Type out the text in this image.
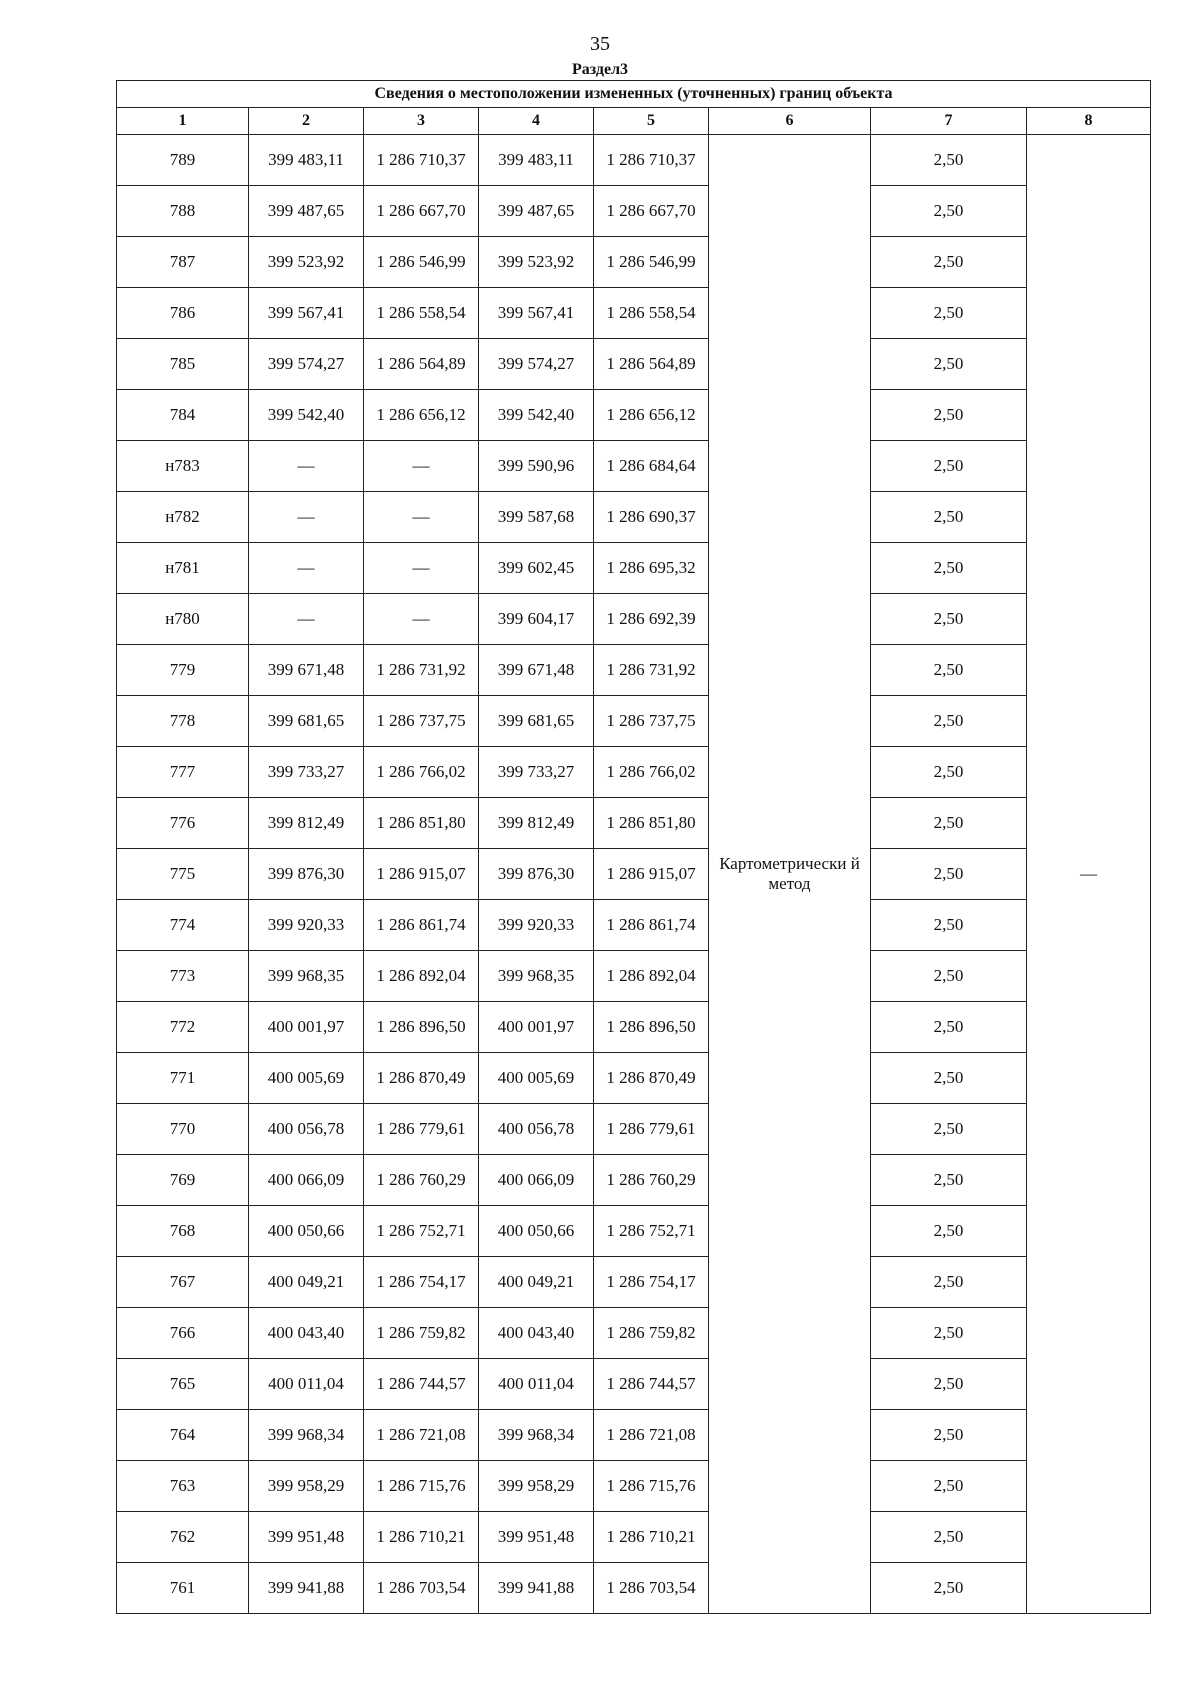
35
Раздел3
Сведения о местоположении измененных (уточненных) границ объекта							
1	2	3	4	5	6	7	8
789	399 483,11	1 286 710,37	399 483,11	1 286 710,37	Картометрически й метод	2,50	—
788	399 487,65	1 286 667,70	399 487,65	1 286 667,70		2,50	
787	399 523,92	1 286 546,99	399 523,92	1 286 546,99		2,50	
786	399 567,41	1 286 558,54	399 567,41	1 286 558,54		2,50	
785	399 574,27	1 286 564,89	399 574,27	1 286 564,89		2,50	
784	399 542,40	1 286 656,12	399 542,40	1 286 656,12		2,50	
н783	—	—	399 590,96	1 286 684,64		2,50	
н782	—	—	399 587,68	1 286 690,37		2,50	
н781	—	—	399 602,45	1 286 695,32		2,50	
н780	—	—	399 604,17	1 286 692,39		2,50	
779	399 671,48	1 286 731,92	399 671,48	1 286 731,92		2,50	
778	399 681,65	1 286 737,75	399 681,65	1 286 737,75		2,50	
777	399 733,27	1 286 766,02	399 733,27	1 286 766,02		2,50	
776	399 812,49	1 286 851,80	399 812,49	1 286 851,80		2,50	
775	399 876,30	1 286 915,07	399 876,30	1 286 915,07		2,50	
774	399 920,33	1 286 861,74	399 920,33	1 286 861,74		2,50	
773	399 968,35	1 286 892,04	399 968,35	1 286 892,04		2,50	
772	400 001,97	1 286 896,50	400 001,97	1 286 896,50		2,50	
771	400 005,69	1 286 870,49	400 005,69	1 286 870,49		2,50	
770	400 056,78	1 286 779,61	400 056,78	1 286 779,61		2,50	
769	400 066,09	1 286 760,29	400 066,09	1 286 760,29		2,50	
768	400 050,66	1 286 752,71	400 050,66	1 286 752,71		2,50	
767	400 049,21	1 286 754,17	400 049,21	1 286 754,17		2,50	
766	400 043,40	1 286 759,82	400 043,40	1 286 759,82		2,50	
765	400 011,04	1 286 744,57	400 011,04	1 286 744,57		2,50	
764	399 968,34	1 286 721,08	399 968,34	1 286 721,08		2,50	
763	399 958,29	1 286 715,76	399 958,29	1 286 715,76		2,50	
762	399 951,48	1 286 710,21	399 951,48	1 286 710,21		2,50	
761	399 941,88	1 286 703,54	399 941,88	1 286 703,54		2,50	
